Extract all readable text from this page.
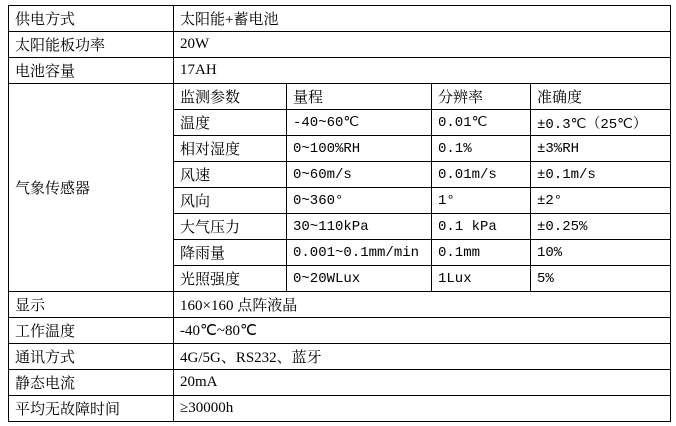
供电方式	太阳能+蓄电池			
太阳能板功率	20W			
电池容量	17AH			
气象传感器	监测参数	量程	分辨率	准确度
	温度	-40~60℃	0.01℃	±0.3℃（25℃）
	相对湿度	0~100%RH	0.1%	±3%RH
	风速	0~60m/s	0.01m/s	±0.1m/s
	风向	0~360°	1°	±2°
	大气压力	30~110kPa	0.1 kPa	±0.25%
	降雨量	0.001~0.1mm/min	0.1mm	10%
	光照强度	0~20WLux	1Lux	5%
显示	160×160 点阵液晶			
工作温度	-40℃~80℃			
通讯方式	4G/5G、RS232、蓝牙			
静态电流	20mA			
平均无故障时间	≥30000h			
